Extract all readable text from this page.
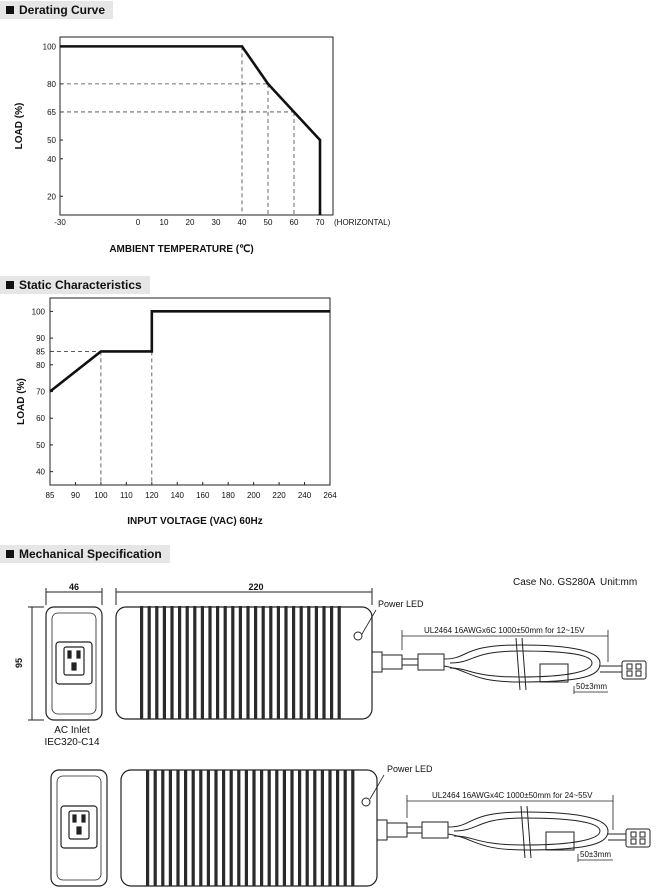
Derating Curve
Static Characteristics
Mechanical Specification
-30	0 10 20 30 40 50 60 70 (HORIZONTAL)
20
40
50
65
80
100
AMBIENT TEMPERATURE (℃)
LOAD (%)
85 90 100 110 120 140 160 180 200 220 240 264
40
50
60
70
80
85
90
100
INPUT VOLTAGE (VAC) 60Hz
LOAD (%)
46
95
AC Inlet
IEC320-C14
220
Power LED
UL2464 16AWGx6C 1000±50mm for 12~15V
50±3mm
Power LED
UL2464 16AWGx4C 1000±50mm for 24~55V
50±3mm
Case No. GS280A Unit:mm
